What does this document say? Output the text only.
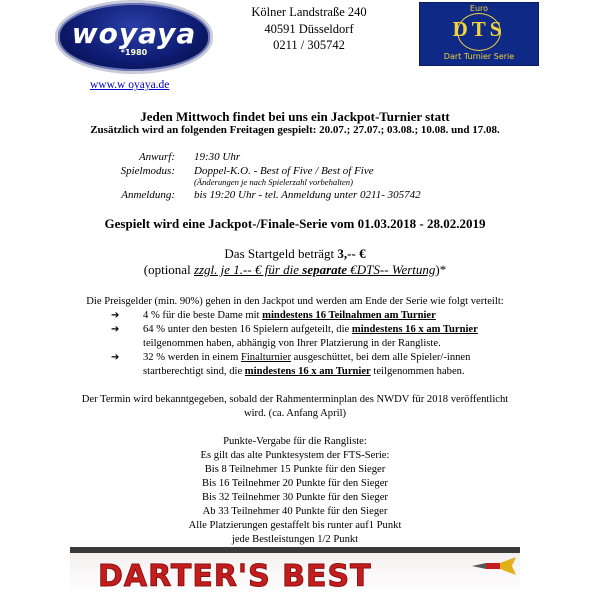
woyaya
*1980
Kölner Landstraße 240
40591 Düsseldorf
0211 / 305742
Euro
DTS
Dart Turnier Serie
www.w oyaya.de
Jeden Mittwoch findet bei uns ein Jackpot-Turnier statt
Zusätzlich wird an folgenden Freitagen gespielt: 20.07.; 27.07.; 03.08.; 10.08. und 17.08.
Anwurf: 19:30 Uhr
Spielmodus: Doppel-K.O. - Best of Five / Best of Five
(Änderungen je nach Spielerzahl vorbehalten)
Anmeldung: bis 19:20 Uhr - tel. Anmeldung unter 0211- 305742
Gespielt wird eine Jackpot-/Finale-Serie vom 01.03.2018 - 28.02.2019
Das Startgeld beträgt 3,-- €
(optional zzgl. je 1.-- € für die separate €DTS-- Wertung)*
Die Preisgelder (min. 90%) gehen in den Jackpot und werden am Ende der Serie wie folgt verteilt:
➔ 4 % für die beste Dame mit mindestens 16 Teilnahmen am Turnier
➔ 64 % unter den besten 16 Spielern aufgeteilt, die mindestens 16 x am Turnier
teilgenommen haben, abhängig von Ihrer Platzierung in der Rangliste.
➔ 32 % werden in einem Finalturnier ausgeschüttet, bei dem alle Spieler/-innen
startberechtigt sind, die mindestens 16 x am Turnier teilgenommen haben.
Der Termin wird bekanntgegeben, sobald der Rahmenterminplan des NWDV für 2018 veröffentlicht
wird. (ca. Anfang April)
Punkte-Vergabe für die Rangliste:
Es gilt das alte Punktesystem der FTS-Serie:
Bis 8 Teilnehmer 15 Punkte für den Sieger
Bis 16 Teilnehmer 20 Punkte für den Sieger
Bis 32 Teilnehmer 30 Punkte für den Sieger
Ab 33 Teilnehmer 40 Punkte für den Sieger
Alle Platzierungen gestaffelt bis runter auf1 Punkt
jede Bestleistungen 1/2 Punkt
DARTER'S BEST
